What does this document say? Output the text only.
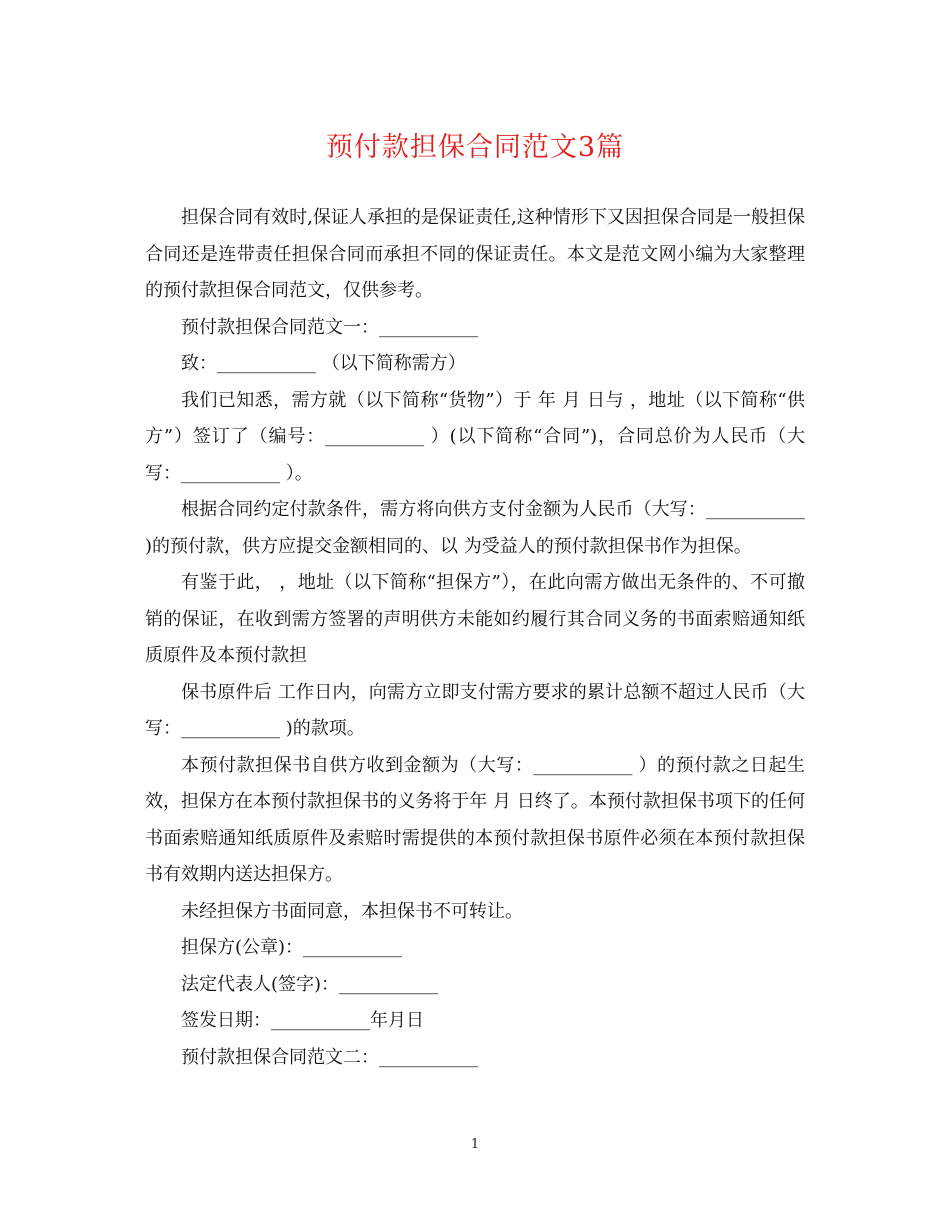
预付款担保合同范文3篇

担保合同有效时,保证人承担的是保证责任,这种情形下又因担保合同是一般担保合同还是连带责任担保合同而承担不同的保证责任。本文是范文网小编为大家整理的预付款担保合同范文，仅供参考。

预付款担保合同范文一：___________

致：___________ （以下简称需方）

我们已知悉，需方就（以下简称“货物”）于 年 月 日与 ，地址（以下简称“供方”）签订了（编号：___________ ）(以下简称“合同”)，合同总价为人民币（大写：___________ ）。

根据合同约定付款条件，需方将向供方支付金额为人民币（大写：___________ )的预付款，供方应提交金额相同的、以 为受益人的预付款担保书作为担保。

有鉴于此， ，地址（以下简称“担保方”），在此向需方做出无条件的、不可撤销的保证，在收到需方签署的声明供方未能如约履行其合同义务的书面索赔通知纸质原件及本预付款担

保书原件后 工作日内，向需方立即支付需方要求的累计总额不超过人民币（大写：___________ )的款项。

本预付款担保书自供方收到金额为（大写：___________ ）的预付款之日起生效，担保方在本预付款担保书的义务将于年 月 日终了。本预付款担保书项下的任何书面索赔通知纸质原件及索赔时需提供的本预付款担保书原件必须在本预付款担保书有效期内送达担保方。

未经担保方书面同意，本担保书不可转让。

担保方(公章)：___________

法定代表人(签字)：___________

签发日期：___________年月日

预付款担保合同范文二：___________

1
